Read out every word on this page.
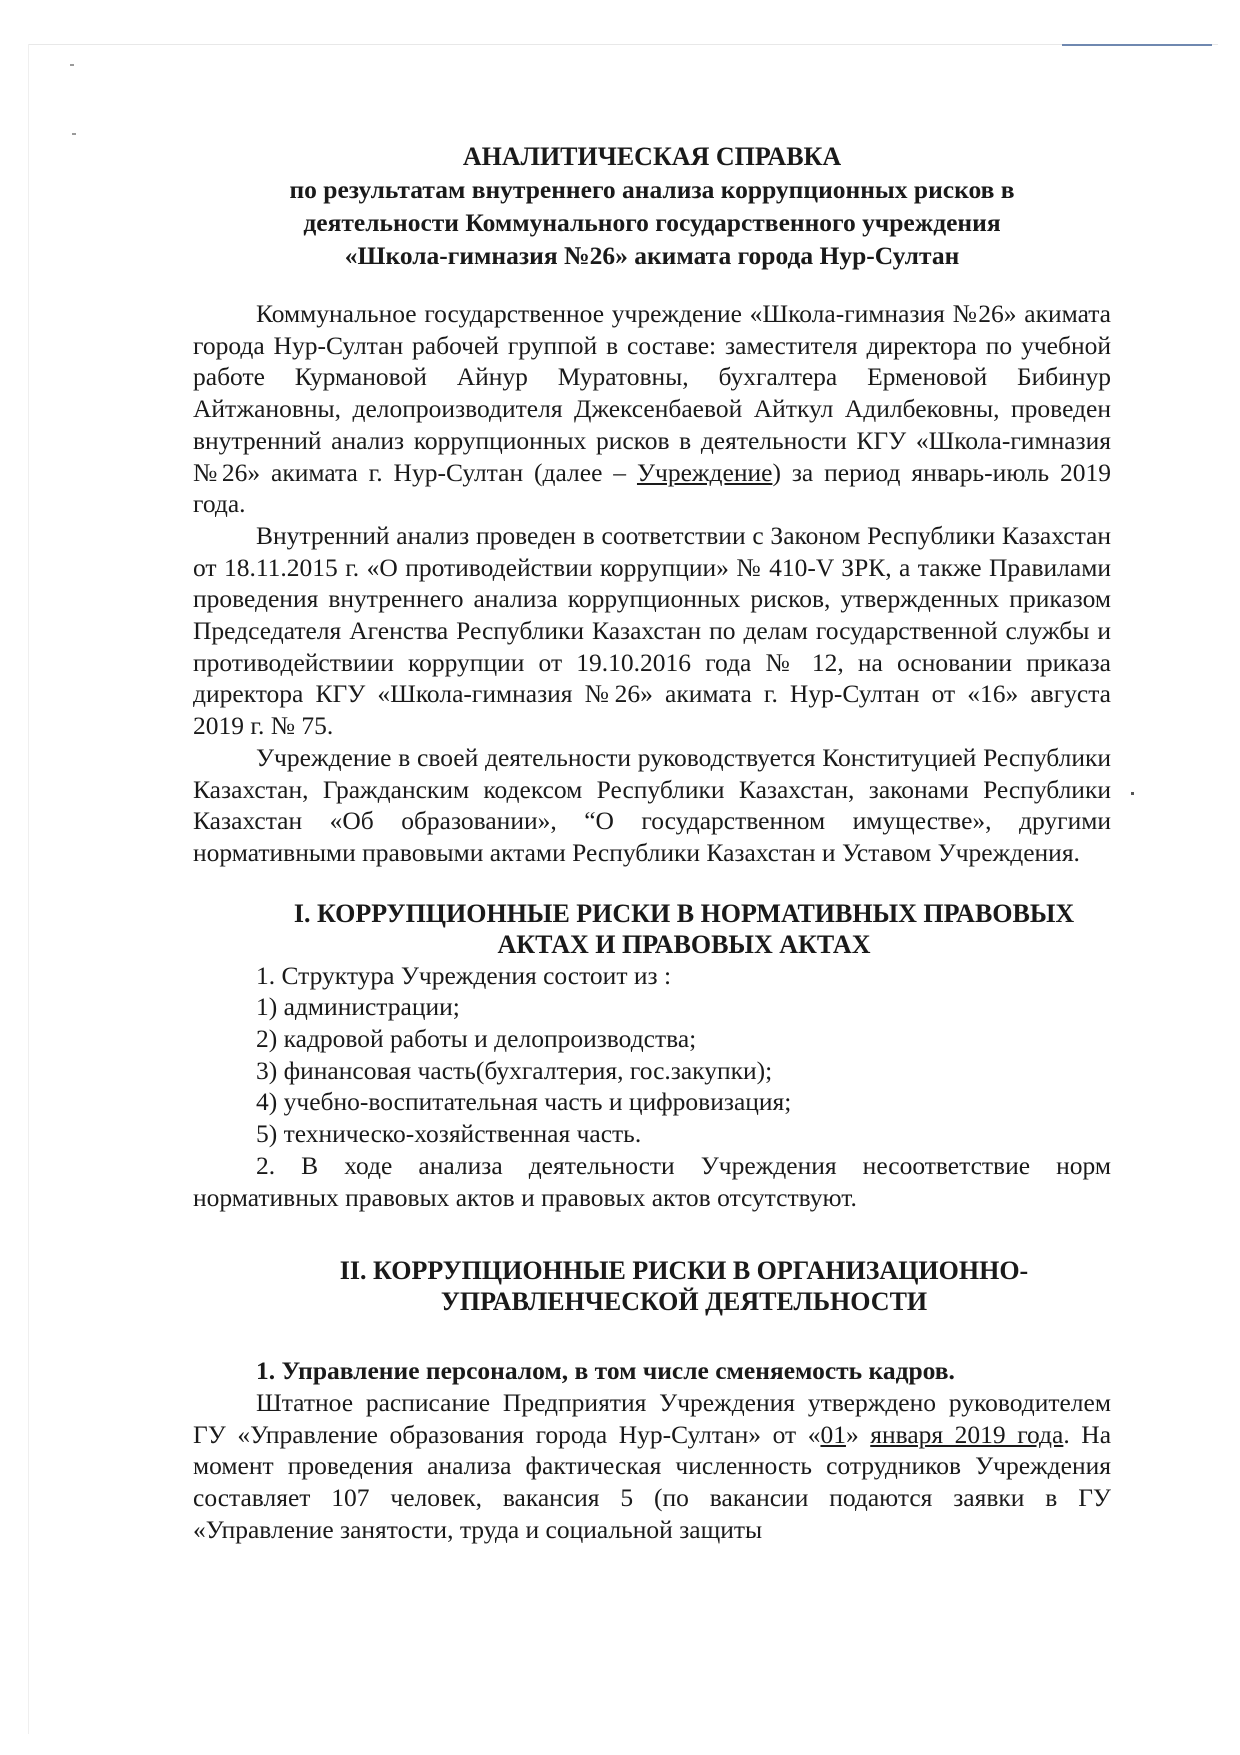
АНАЛИТИЧЕСКАЯ СПРАВКА

по результатам внутреннего анализа коррупционных рисков в

деятельности Коммунального государственного учреждения

«Школа-гимназия №26» акимата города Нур-Султан

Коммунальное государственное учреждение «Школа-гимназия №26» акимата города Нур-Султан рабочей группой в составе: заместителя директора по учебной работе Курмановой Айнур Муратовны, бухгалтера Ерменовой Бибинур Айтжановны, делопроизводителя Джексенбаевой Айткул Адилбековны, проведен внутренний анализ коррупционных рисков в деятельности КГУ «Школа-гимназия №26» акимата г. Нур-Султан (далее – Учреждение) за период январь-июль 2019 года.

Внутренний анализ проведен в соответствии с Законом Республики Казахстан от 18.11.2015 г. «О противодействии коррупции» № 410-V ЗРК, а также Правилами проведения внутреннего анализа коррупционных рисков, утвержденных приказом Председателя Агенства Республики Казахстан по делам государственной службы и противодействиии коррупции от 19.10.2016 года № 12, на основании приказа директора КГУ «Школа-гимназия №26» акимата г. Нур-Султан от «16» августа 2019 г. № 75.

Учреждение в своей деятельности руководствуется Конституцией Республики Казахстан, Гражданским кодексом Республики Казахстан, законами Республики Казахстан «Об образовании», “О государственном имуществе», другими нормативными правовыми актами Республики Казахстан и Уставом Учреждения.

I. КОРРУПЦИОННЫЕ РИСКИ В НОРМАТИВНЫХ ПРАВОВЫХ
АКТАХ И ПРАВОВЫХ АКТАХ

1. Структура Учреждения состоит из :

1) администрации;

2) кадровой работы и делопроизводства;

3) финансовая часть(бухгалтерия, гос.закупки);

4) учебно-воспитательная часть и цифровизация;

5) техническо-хозяйственная часть.

2. В ходе анализа деятельности Учреждения несоответствие норм нормативных правовых актов и правовых актов отсутствуют.

II. КОРРУПЦИОННЫЕ РИСКИ В ОРГАНИЗАЦИОННО-
УПРАВЛЕНЧЕСКОЙ ДЕЯТЕЛЬНОСТИ

1. Управление персоналом, в том числе сменяемость кадров.

Штатное расписание Предприятия Учреждения утверждено руководителем ГУ «Управление образования города Нур-Султан» от «01» января 2019 года. На момент проведения анализа фактическая численность сотрудников Учреждения составляет 107 человек, вакансия 5 (по вакансии подаются заявки в ГУ «Управление занятости, труда и социальной защиты
